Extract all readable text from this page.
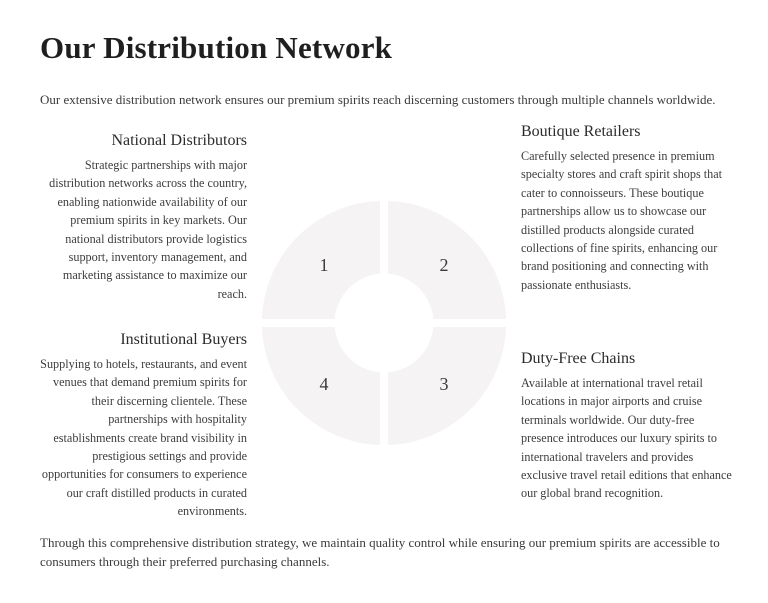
Our Distribution Network

Our extensive distribution network ensures our premium spirits reach discerning customers through multiple channels worldwide.

National Distributors

Strategic partnerships with major distribution networks across the country, enabling nationwide availability of our premium spirits in key markets. Our national distributors provide logistics support, inventory management, and marketing assistance to maximize our reach.

Institutional Buyers

Supplying to hotels, restaurants, and event venues that demand premium spirits for their discerning clientele. These partnerships with hospitality establishments create brand visibility in prestigious settings and provide opportunities for consumers to experience our craft distilled products in curated environments.

Boutique Retailers

Carefully selected presence in premium specialty stores and craft spirit shops that cater to connoisseurs. These boutique partnerships allow us to showcase our distilled products alongside curated collections of fine spirits, enhancing our brand positioning and connecting with passionate enthusiasts.

Duty-Free Chains

Available at international travel retail locations in major airports and cruise terminals worldwide. Our duty-free presence introduces our luxury spirits to international travelers and provides exclusive travel retail editions that enhance our global brand recognition.

1	2
3
4

Through this comprehensive distribution strategy, we maintain quality control while ensuring our premium spirits are accessible to consumers through their preferred purchasing channels.
